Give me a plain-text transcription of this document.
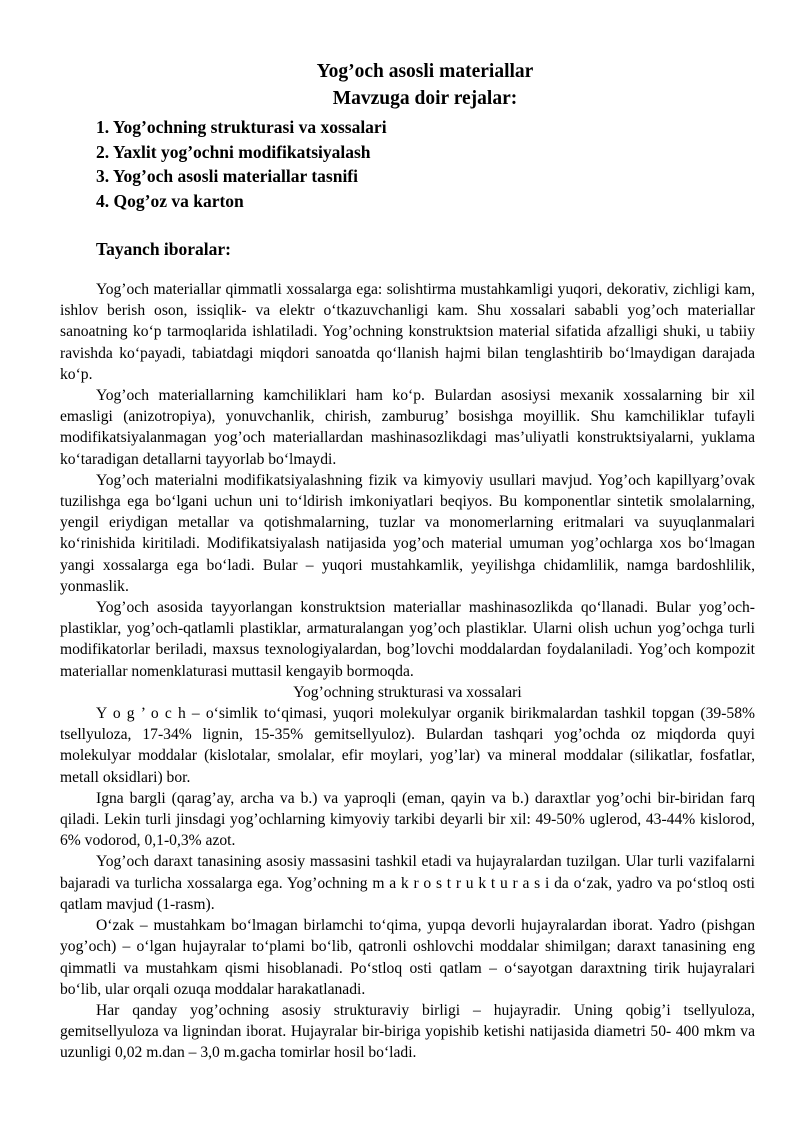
Yog’och asosli materiallar
Mavzuga doir rejalar:
1. Yog’ochning strukturasi va xossalari
2. Yaxlit yog’ochni modifikatsiyalash
3. Yog’och asosli materiallar tasnifi
4. Qog’oz va karton
Tayanch iboralar:

Yog’och materiallar qimmatli xossalarga ega: solishtirma mustahkamligi yuqori, dekorativ, zichligi kam, ishlov berish oson, issiqlik- va elektr o‘tkazuvchanligi kam. Shu xossalari sababli yog’och materiallar sanoatning ko‘p tarmoqlarida ishlatiladi. Yog’ochning konstruktsion material sifatida afzalligi shuki, u tabiiy ravishda ko‘payadi, tabiatdagi miqdori sanoatda qo‘llanish hajmi bilan tenglashtirib bo‘lmaydigan darajada ko‘p.

Yog’och materiallarning kamchiliklari ham ko‘p. Bulardan asosiysi mexanik xossalarning bir xil emasligi (anizotropiya), yonuvchanlik, chirish, zamburug’ bosishga moyillik. Shu kamchiliklar tufayli modifikatsiyalanmagan yog’och materiallardan mashinasozlikdagi mas’uliyatli konstruktsiyalarni, yuklama ko‘taradigan detallarni tayyorlab bo‘lmaydi.

Yog’och materialni modifikatsiyalashning fizik va kimyoviy usullari mavjud. Yog’och kapillyarg’ovak tuzilishga ega bo‘lgani uchun uni to‘ldirish imkoniyatlari beqiyos. Bu komponentlar sintetik smolalarning, yengil eriydigan metallar va qotishmalarning, tuzlar va monomerlarning eritmalari va suyuqlanmalari ko‘rinishida kiritiladi. Modifikatsiyalash natijasida yog’och material umuman yog’ochlarga xos bo‘lmagan yangi xossalarga ega bo‘ladi. Bular – yuqori mustahkamlik, yeyilishga chidamlilik, namga bardoshlilik, yonmaslik.

Yog’och asosida tayyorlangan konstruktsion materiallar mashinasozlikda qo‘llanadi. Bular yog’och-plastiklar, yog’och-qatlamli plastiklar, armaturalangan yog’och plastiklar. Ularni olish uchun yog’ochga turli modifikatorlar beriladi, maxsus texnologiyalardan, bog’lovchi moddalardan foydalaniladi. Yog’och kompozit materiallar nomenklaturasi muttasil kengayib bormoqda.

Yog’ochning strukturasi va xossalari

Y o g ’ o c h – o‘simlik to‘qimasi, yuqori molekulyar organik birikmalardan tashkil topgan (39-58% tsellyuloza, 17-34% lignin, 15-35% gemitsellyuloz). Bulardan tashqari yog’ochda oz miqdorda quyi molekulyar moddalar (kislotalar, smolalar, efir moylari, yog’lar) va mineral moddalar (silikatlar, fosfatlar, metall oksidlari) bor.

Igna bargli (qarag’ay, archa va b.) va yaproqli (eman, qayin va b.) daraxtlar yog’ochi bir-biridan farq qiladi. Lekin turli jinsdagi yog’ochlarning kimyoviy tarkibi deyarli bir xil: 49-50% uglerod, 43-44% kislorod, 6% vodorod, 0,1-0,3% azot.

Yog’och daraxt tanasining asosiy massasini tashkil etadi va hujayralardan tuzilgan. Ular turli vazifalarni bajaradi va turlicha xossalarga ega. Yog’ochning m a k r o s t r u k t u r a s i da o‘zak, yadro va po‘stloq osti qatlam mavjud (1-rasm).

O‘zak – mustahkam bo‘lmagan birlamchi to‘qima, yupqa devorli hujayralardan iborat. Yadro (pishgan yog’och) – o‘lgan hujayralar to‘plami bo‘lib, qatronli oshlovchi moddalar shimilgan; daraxt tanasining eng qimmatli va mustahkam qismi hisoblanadi. Po‘stloq osti qatlam – o‘sayotgan daraxtning tirik hujayralari bo‘lib, ular orqali ozuqa moddalar harakatlanadi.

Har qanday yog’ochning asosiy strukturaviy birligi – hujayradir. Uning qobig’i tsellyuloza, gemitsellyuloza va lignindan iborat. Hujayralar bir-biriga yopishib ketishi natijasida diametri 50- 400 mkm va uzunligi 0,02 m.dan – 3,0 m.gacha tomirlar hosil bo‘ladi.
